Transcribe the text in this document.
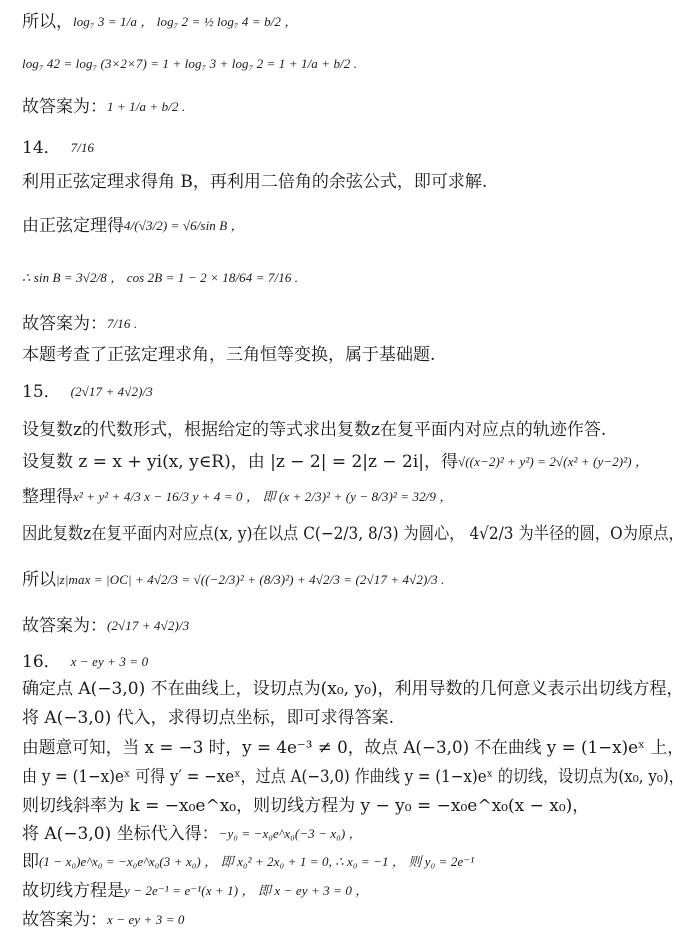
所以， log₇ 3 = 1/a ， log₇ 2 = ½ log₇ 4 = b/2 ，
log₇ 42 = log₇ (3×2×7) = 1 + log₇ 3 + log₇ 2 = 1 + 1/a + b/2 .
故答案为： 1 + 1/a + b/2 .
14． 7/16
利用正弦定理求得角 B，再利用二倍角的余弦公式，即可求解.
由正弦定理得 4/(√3/2) = √6/sin B ，
∴ sin B = 3√2/8 ， cos 2B = 1 − 2 × 18/64 = 7/16 .
故答案为： 7/16 .
本题考查了正弦定理求角，三角恒等变换，属于基础题.
15． (2√17 + 4√2)/3
设复数z的代数形式，根据给定的等式求出复数z在复平面内对应点的轨迹作答.
设复数 z = x + yi(x, y∈R)，由 |z − 2| = 2|z − 2i|，得 √((x−2)² + y²) = 2√(x² + (y−2)²) ，
整理得 x² + y² + 4/3 x − 16/3 y + 4 = 0 ， 即 (x + 2/3)² + (y − 8/3)² = 32/9 ，
因此复数z在复平面内对应点(x, y)在以点 C(−2/3, 8/3) 为圆心， 4√2/3 为半径的圆，O为原点，
所以 |z|max = |OC| + 4√2/3 = √((−2/3)² + (8/3)²) + 4√2/3 = (2√17 + 4√2)/3 .
故答案为： (2√17 + 4√2)/3
16． x − ey + 3 = 0
确定点 A(−3,0) 不在曲线上，设切点为(x₀, y₀)，利用导数的几何意义表示出切线方程，
将 A(−3,0) 代入，求得切点坐标，即可求得答案.
由题意可知，当 x = −3 时，y = 4e⁻³ ≠ 0，故点 A(−3,0) 不在曲线 y = (1−x)eˣ 上，
由 y = (1−x)eˣ 可得 y′ = −xeˣ，过点 A(−3,0) 作曲线 y = (1−x)eˣ 的切线，设切点为(x₀, y₀)，
则切线斜率为 k = −x₀e^x₀，则切线方程为 y − y₀ = −x₀e^x₀(x − x₀)，
将 A(−3,0) 坐标代入得： −y₀ = −x₀e^x₀(−3 − x₀) ，
即 (1 − x₀)e^x₀ = −x₀e^x₀(3 + x₀) ， 即 x₀² + 2x₀ + 1 = 0, ∴ x₀ = −1 ， 则 y₀ = 2e⁻¹
故切线方程是 y − 2e⁻¹ = e⁻¹(x + 1) ， 即 x − ey + 3 = 0 ，
故答案为： x − ey + 3 = 0
